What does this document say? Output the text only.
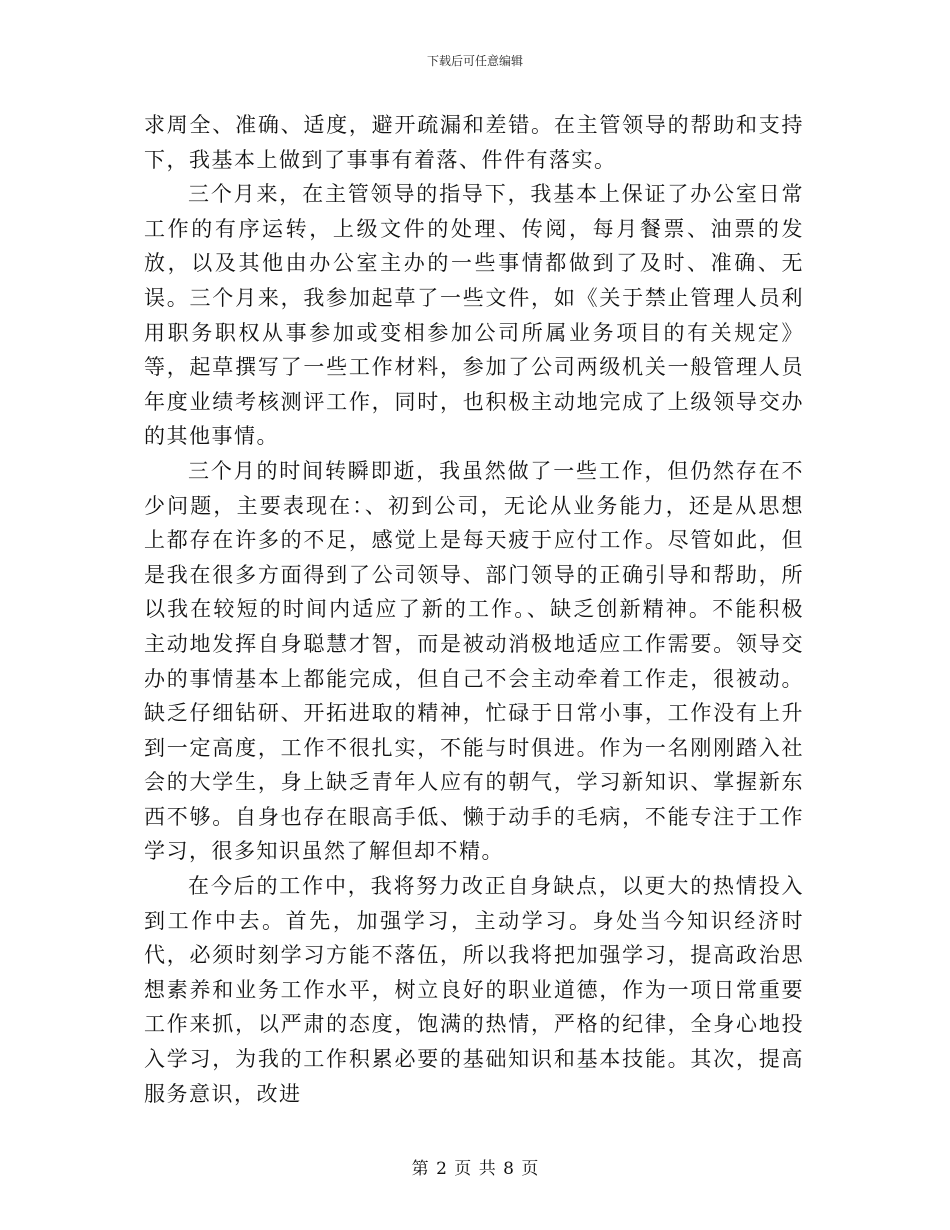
下载后可任意编辑

求周全、准确、适度，避开疏漏和差错。在主管领导的帮助和支持下，我基本上做到了事事有着落、件件有落实。

三个月来，在主管领导的指导下，我基本上保证了办公室日常工作的有序运转，上级文件的处理、传阅，每月餐票、油票的发放，以及其他由办公室主办的一些事情都做到了及时、准确、无误。三个月来，我参加起草了一些文件，如《关于禁止管理人员利用职务职权从事参加或变相参加公司所属业务项目的有关规定》等，起草撰写了一些工作材料，参加了公司两级机关一般管理人员年度业绩考核测评工作，同时，也积极主动地完成了上级领导交办的其他事情。

三个月的时间转瞬即逝，我虽然做了一些工作，但仍然存在不少问题，主要表现在：、初到公司，无论从业务能力，还是从思想上都存在许多的不足，感觉上是每天疲于应付工作。尽管如此，但是我在很多方面得到了公司领导、部门领导的正确引导和帮助，所以我在较短的时间内适应了新的工作。、缺乏创新精神。不能积极主动地发挥自身聪慧才智，而是被动消极地适应工作需要。领导交办的事情基本上都能完成，但自己不会主动牵着工作走，很被动。缺乏仔细钻研、开拓进取的精神，忙碌于日常小事，工作没有上升到一定高度，工作不很扎实，不能与时俱进。作为一名刚刚踏入社会的大学生，身上缺乏青年人应有的朝气，学习新知识、掌握新东西不够。自身也存在眼高手低、懒于动手的毛病，不能专注于工作学习，很多知识虽然了解但却不精。

在今后的工作中，我将努力改正自身缺点，以更大的热情投入到工作中去。首先，加强学习，主动学习。身处当今知识经济时代，必须时刻学习方能不落伍，所以我将把加强学习，提高政治思想素养和业务工作水平，树立良好的职业道德，作为一项日常重要工作来抓，以严肃的态度，饱满的热情，严格的纪律，全身心地投入学习，为我的工作积累必要的基础知识和基本技能。其次，提高服务意识，改进

第 2 页 共 8 页
